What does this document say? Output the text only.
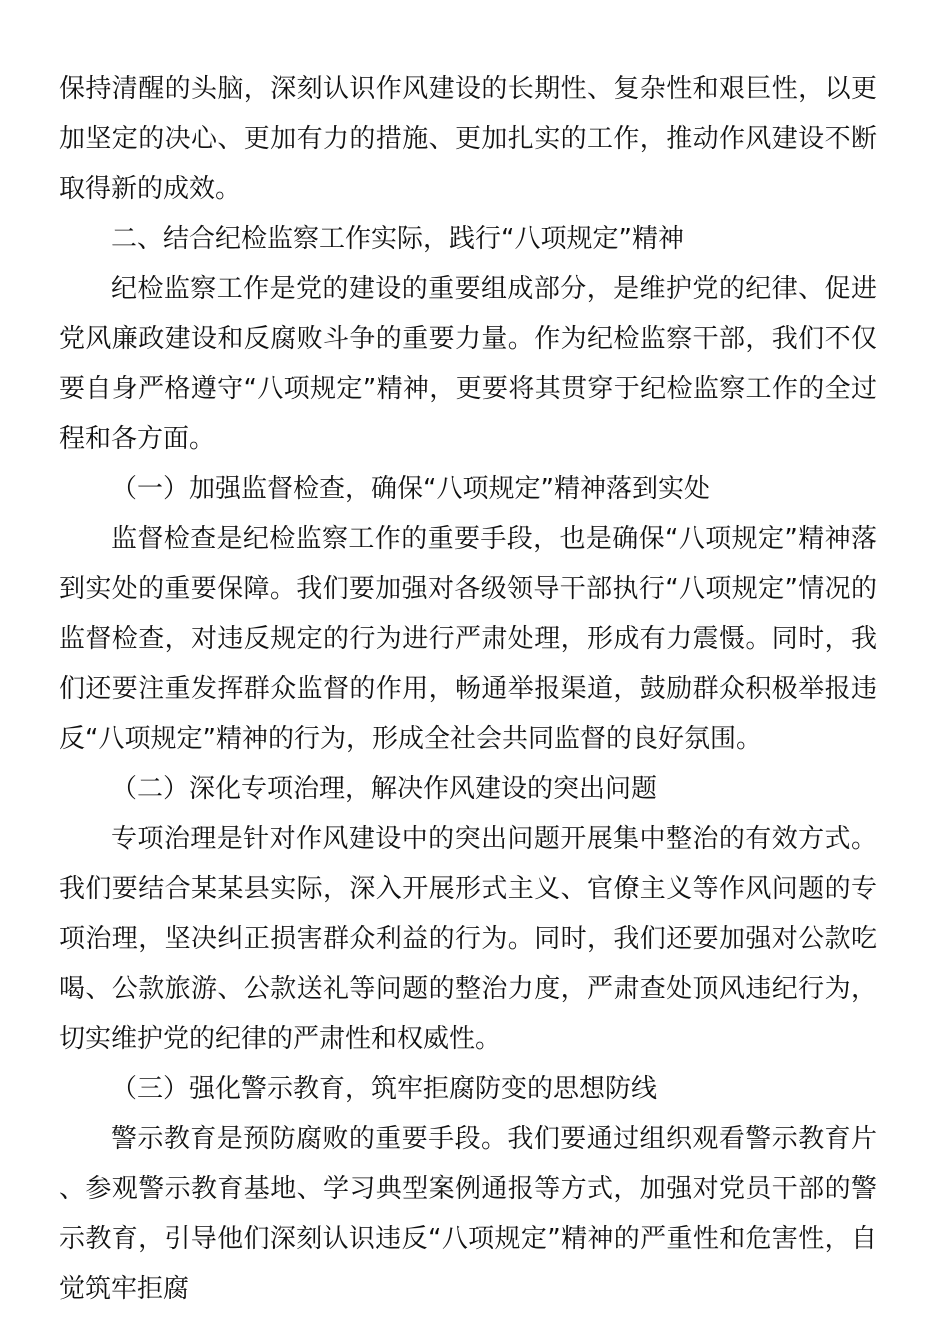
保持清醒的头脑，深刻认识作风建设的长期性、复杂性和艰巨性，以更加坚定的决心、更加有力的措施、更加扎实的工作，推动作风建设不断取得新的成效。

二、结合纪检监察工作实际，践行“八项规定”精神

纪检监察工作是党的建设的重要组成部分，是维护党的纪律、促进党风廉政建设和反腐败斗争的重要力量。作为纪检监察干部，我们不仅要自身严格遵守“八项规定”精神，更要将其贯穿于纪检监察工作的全过程和各方面。

（一）加强监督检查，确保“八项规定”精神落到实处

监督检查是纪检监察工作的重要手段，也是确保“八项规定”精神落到实处的重要保障。我们要加强对各级领导干部执行“八项规定”情况的监督检查，对违反规定的行为进行严肃处理，形成有力震慑。同时，我们还要注重发挥群众监督的作用，畅通举报渠道，鼓励群众积极举报违反“八项规定”精神的行为，形成全社会共同监督的良好氛围。

（二）深化专项治理，解决作风建设的突出问题

专项治理是针对作风建设中的突出问题开展集中整治的有效方式。我们要结合某某县实际，深入开展形式主义、官僚主义等作风问题的专项治理，坚决纠正损害群众利益的行为。同时，我们还要加强对公款吃喝、公款旅游、公款送礼等问题的整治力度，严肃查处顶风违纪行为，切实维护党的纪律的严肃性和权威性。

（三）强化警示教育，筑牢拒腐防变的思想防线

警示教育是预防腐败的重要手段。我们要通过组织观看警示教育片、参观警示教育基地、学习典型案例通报等方式，加强对党员干部的警示教育，引导他们深刻认识违反“八项规定”精神的严重性和危害性，自觉筑牢拒腐
